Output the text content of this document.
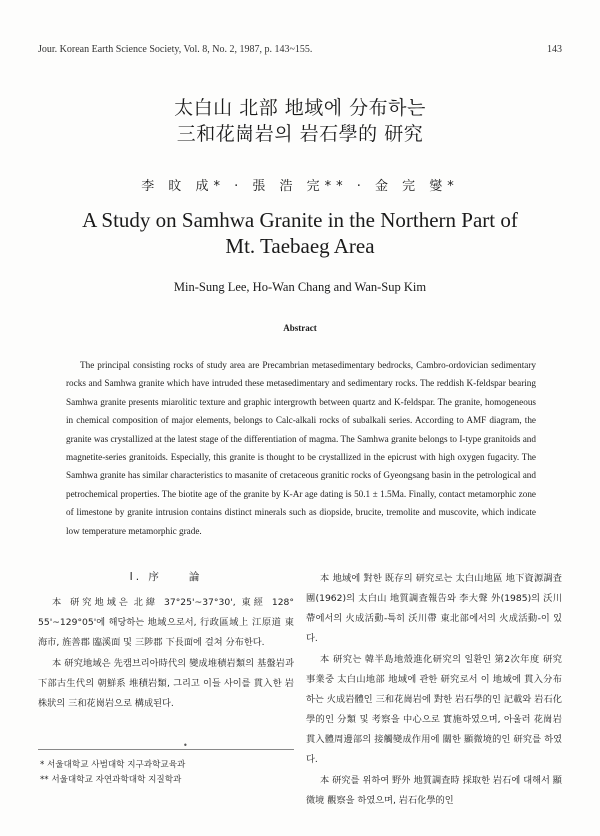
Jour. Korean Earth Science Society, Vol. 8, No. 2, 1987, p. 143~155.	143
太白山 北部 地域에 分布하는
三和花崗岩의 岩石學的 研究
李 旼 成* · 張 浩 完** · 金 完 燮*
A Study on Samhwa Granite in the Northern Part of
Mt. Taebaeg Area
Min-Sung Lee, Ho-Wan Chang and Wan-Sup Kim
Abstract

The principal consisting rocks of study area are Precambrian metasedimentary bedrocks, Cambro-ordovician sedimentary rocks and Samhwa granite which have intruded these metasedimentary and sedimentary rocks. The reddish K-feldspar bearing Samhwa granite presents miarolitic texture and graphic intergrowth between quartz and K-feldspar. The granite, homogeneous in chemical composition of major elements, belongs to Calc-alkali rocks of subalkali series. According to AMF diagram, the granite was crystallized at the latest stage of the differentiation of magma. The Samhwa granite belongs to I-type granitoids and magnetite-series granitoids. Especially, this granite is thought to be crystallized in the epicrust with high oxygen fugacity. The Samhwa granite has similar characteristics to masanite of cretaceous granitic rocks of Gyeongsang basin in the petrological and petrochemical properties. The biotite age of the granite by K-Ar age dating is 50.1 ± 1.5Ma. Finally, contact metamorphic zone of limestone by granite intrusion contains distinct minerals such as diopside, brucite, tremolite and muscovite, which indicate low temperature metamorphic grade.

I. 序　　論

本 研究地域은 北緯 37°25'~37°30', 東經 128° 55'~129°05'에 해당하는 地域으로서, 行政區域上 江原道 東海市, 旌善郡 臨溪面 및 三陟郡 下長面에 걸쳐 分布한다.

本 研究地域은 先캠브리아時代의 變成堆積岩類의 基盤岩과 下部古生代의 朝鮮系 堆積岩類, 그리고 이들 사이를 貫入한 岩株狀의 三和花崗岩으로 構成된다.

•
* 서울대학교 사범대학 지구과학교육과
** 서울대학교 자연과학대학 지질학과

本 地域에 對한 既存의 研究로는 太白山地區 地下資源調査團(1962)의 太白山 地質調査報告와 李大聲 外(1985)의 沃川帶에서의 火成活動-특히 沃川帶 東北部에서의 火成活動-이 있다.

本 研究는 韓半島地殼進化研究의 일환인 第2次年度 研究 事業중 太白山地部 地域에 관한 研究로서 이 地域에 貫入分布하는 火成岩體인 三和花崗岩에 對한 岩石學的인 記載와 岩石化學的인 分類 및 考察을 中心으로 實施하였으며, 아울러 花崗岩 貫入體周邊部의 接觸變成作用에 關한 顯微境的인 研究를 하였다.

本 研究를 위하여 野外 地質調査時 採取한 岩石에 대해서 顯微境 觀察을 하였으며, 岩石化學的인
